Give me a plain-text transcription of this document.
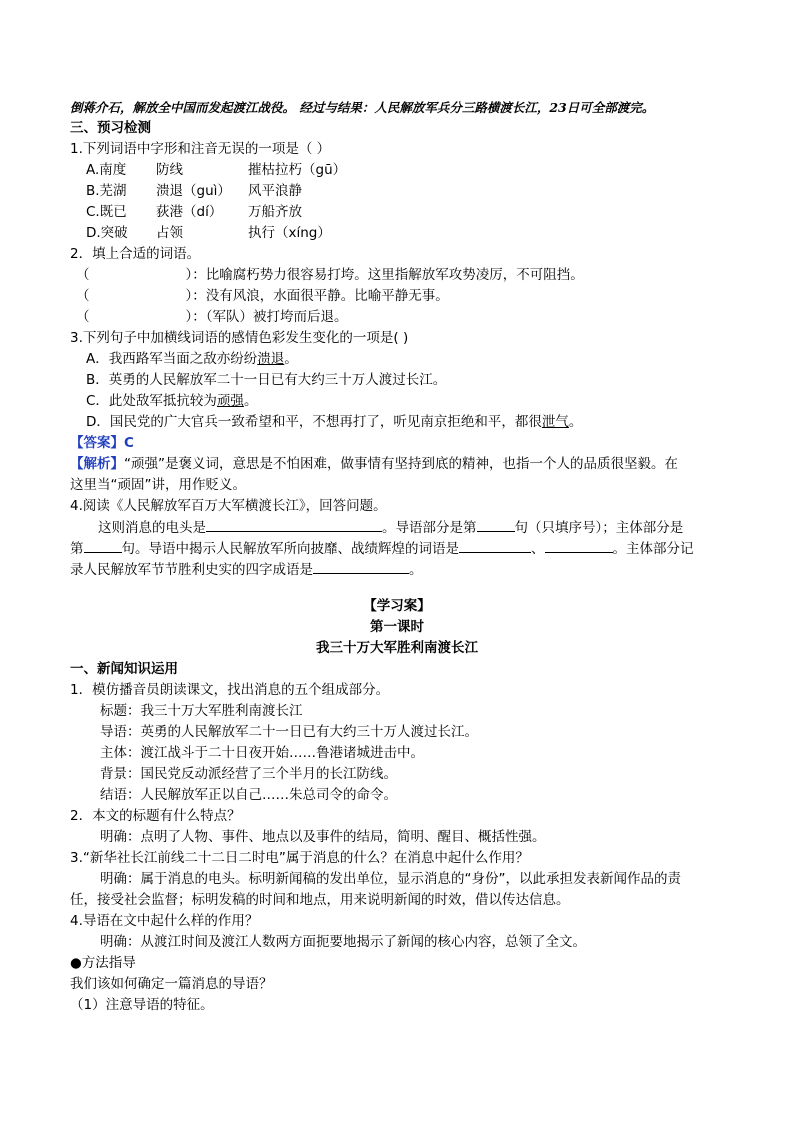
倒蒋介石，解放全中国而发起渡江战役。 经过与结果：人民解放军兵分三路横渡长江，23日可全部渡完。
三、预习检测
1.下列词语中字形和注音无误的一项是（ ）
A.南度 防线	摧枯拉朽（gū）
B.芜湖 溃退（guì） 风平浪静
C.既已 荻港（dí） 万船齐放
D.突破 占领	执行（xíng）
2．填上合适的词语。
（	）：比喻腐朽势力很容易打垮。这里指解放军攻势凌厉，不可阻挡。
（	）：没有风浪，水面很平静。比喻平静无事。
（	）：（军队）被打垮而后退。
3.下列句子中加横线词语的感情色彩发生变化的一项是( )
A．我西路军当面之敌亦纷纷溃退。
B．英勇的人民解放军二十一日已有大约三十万人渡过长江。
C．此处敌军抵抗较为顽强。
D．国民党的广大官兵一致希望和平，不想再打了，听见南京拒绝和平，都很泄气。
【答案】C
【解析】“顽强”是褒义词，意思是不怕困难，做事情有坚持到底的精神，也指一个人的品质很坚毅。在
这里当“顽固”讲，用作贬义。
4.阅读《人民解放军百万大军横渡长江》，回答问题。
这则消息的电头是	。导语部分是第	句（只填序号）；主体部分是
第	句。导语中揭示人民解放军所向披靡、战绩辉煌的词语是	、	。主体部分记
录人民解放军节节胜利史实的四字成语是	。
【学习案】
第一课时
我三十万大军胜利南渡长江
一、新闻知识运用
1．模仿播音员朗读课文，找出消息的五个组成部分。
标题：我三十万大军胜利南渡长江
导语：英勇的人民解放军二十一日已有大约三十万人渡过长江。
主体：渡江战斗于二十日夜开始……鲁港诸城进击中。
背景：国民党反动派经营了三个半月的长江防线。
结语：人民解放军正以自己……朱总司令的命令。
2．本文的标题有什么特点？
明确：点明了人物、事件、地点以及事件的结局，简明、醒目、概括性强。
3.“新华社长江前线二十二日二时电”属于消息的什么？在消息中起什么作用？
明确：属于消息的电头。标明新闻稿的发出单位，显示消息的“身份”，以此承担发表新闻作品的责
任，接受社会监督；标明发稿的时间和地点，用来说明新闻的时效，借以传达信息。
4.导语在文中起什么样的作用？
明确：从渡江时间及渡江人数两方面扼要地揭示了新闻的核心内容，总领了全文。
●方法指导
我们该如何确定一篇消息的导语？
（1）注意导语的特征。
